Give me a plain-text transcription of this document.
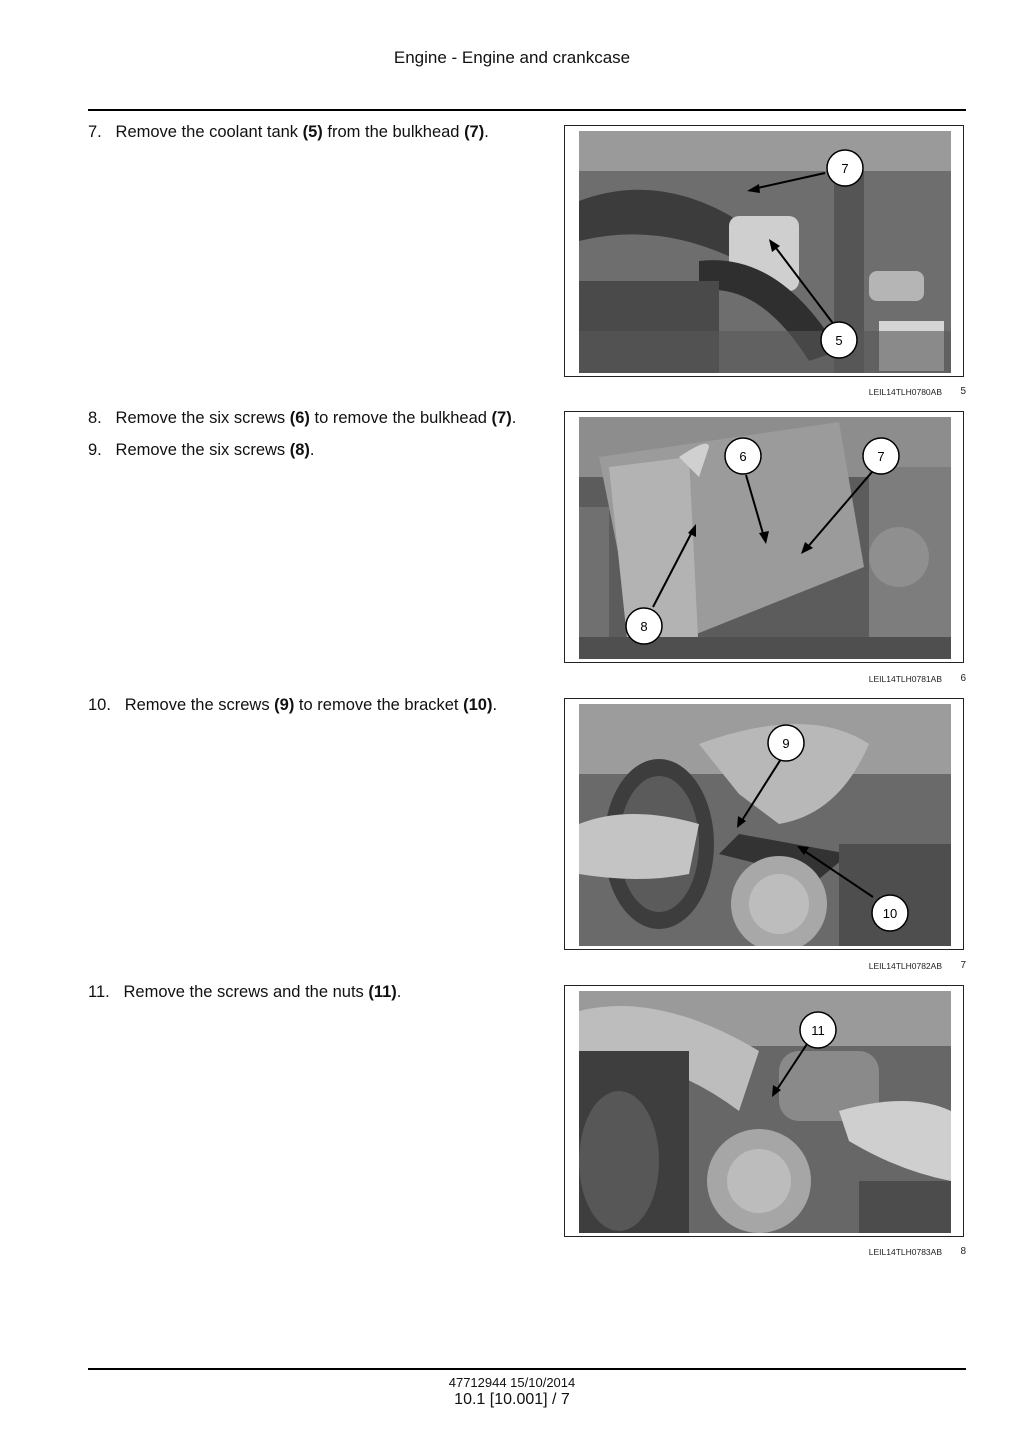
Engine - Engine and crankcase
7. Remove the coolant tank (5) from the bulkhead (7).
8. Remove the six screws (6) to remove the bulkhead (7).
9. Remove the six screws (8).
10. Remove the screws (9) to remove the bracket (10).
11. Remove the screws and the nuts (11).
7
5
LEIL14TLH0780AB 5
6	7
8
LEIL14TLH0781AB 6
9
10
LEIL14TLH0782AB 7
11
LEIL14TLH0783AB 8
47712944 15/10/2014
10.1 [10.001] / 7
